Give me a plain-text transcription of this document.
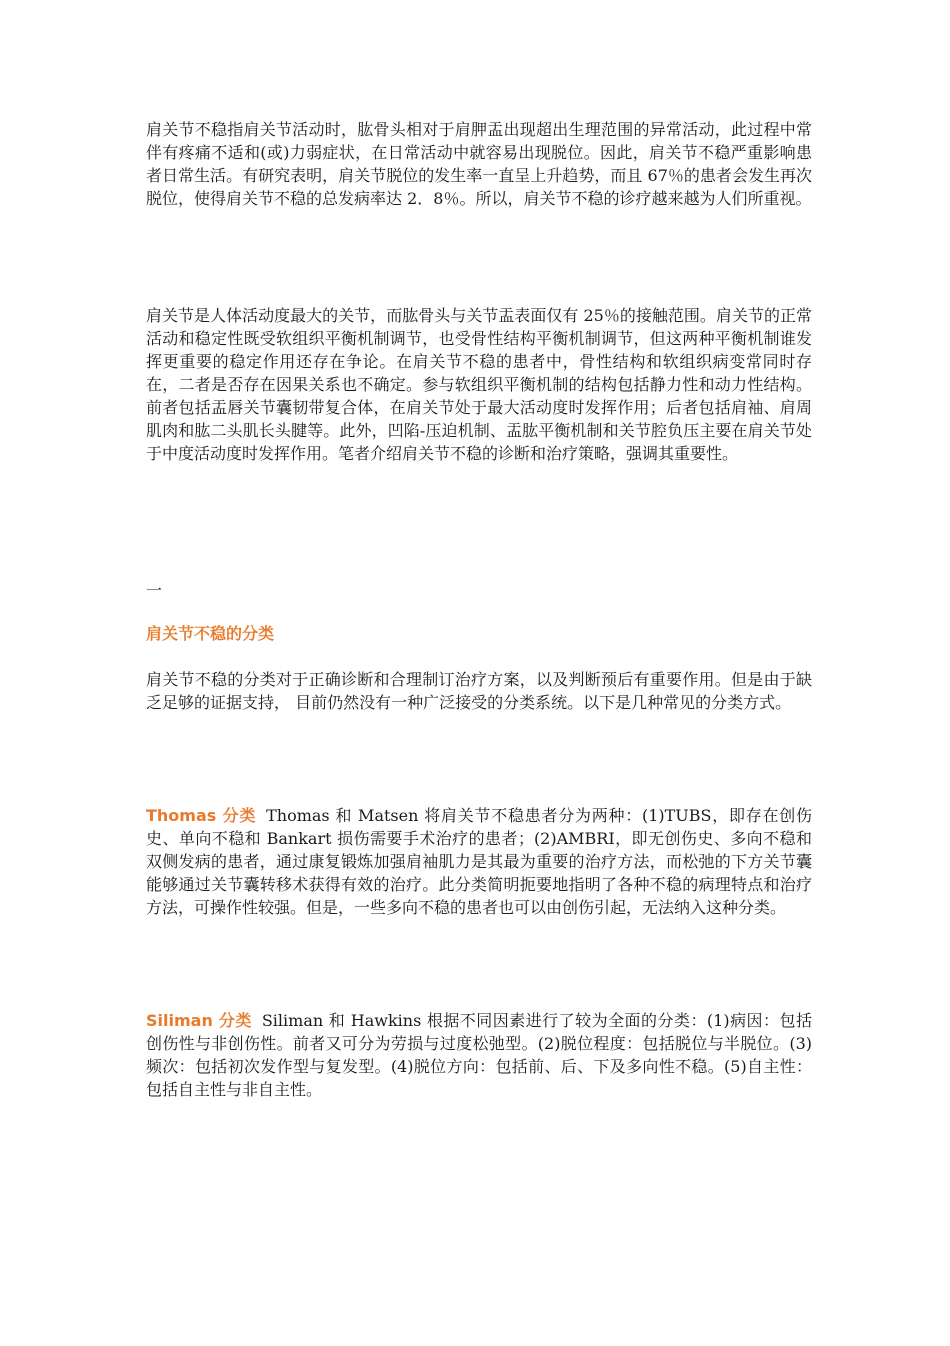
肩关节不稳指肩关节活动时，肱骨头相对于肩胛盂出现超出生理范围的异常活动，此过程中常伴有疼痛不适和(或)力弱症状，在日常活动中就容易出现脱位。因此，肩关节不稳严重影响患者日常生活。有研究表明，肩关节脱位的发生率一直呈上升趋势，而且 67％的患者会发生再次脱位，使得肩关节不稳的总发病率达 2．8％。所以，肩关节不稳的诊疗越来越为人们所重视。

肩关节是人体活动度最大的关节，而肱骨头与关节盂表面仅有 25％的接触范围。肩关节的正常活动和稳定性既受软组织平衡机制调节，也受骨性结构平衡机制调节，但这两种平衡机制谁发挥更重要的稳定作用还存在争论。在肩关节不稳的患者中，骨性结构和软组织病变常同时存在，二者是否存在因果关系也不确定。参与软组织平衡机制的结构包括静力性和动力性结构。前者包括盂唇关节囊韧带复合体，在肩关节处于最大活动度时发挥作用；后者包括肩袖、肩周肌肉和肱二头肌长头腱等。此外，凹陷-压迫机制、盂肱平衡机制和关节腔负压主要在肩关节处于中度活动度时发挥作用。笔者介绍肩关节不稳的诊断和治疗策略，强调其重要性。

一

肩关节不稳的分类

肩关节不稳的分类对于正确诊断和合理制订治疗方案，以及判断预后有重要作用。但是由于缺乏足够的证据支持， 目前仍然没有一种广泛接受的分类系统。以下是几种常见的分类方式。

Thomas 分类 Thomas 和 Matsen 将肩关节不稳患者分为两种：(1)TUBS，即存在创伤史、单向不稳和 Bankart 损伤需要手术治疗的患者；(2)AMBRI，即无创伤史、多向不稳和双侧发病的患者，通过康复锻炼加强肩袖肌力是其最为重要的治疗方法，而松弛的下方关节囊能够通过关节囊转移术获得有效的治疗。此分类简明扼要地指明了各种不稳的病理特点和治疗方法，可操作性较强。但是，一些多向不稳的患者也可以由创伤引起，无法纳入这种分类。

Siliman 分类 Siliman 和 Hawkins 根据不同因素进行了较为全面的分类：(1)病因：包括创伤性与非创伤性。前者又可分为劳损与过度松弛型。(2)脱位程度：包括脱位与半脱位。(3)频次：包括初次发作型与复发型。(4)脱位方向：包括前、后、下及多向性不稳。(5)自主性：包括自主性与非自主性。
